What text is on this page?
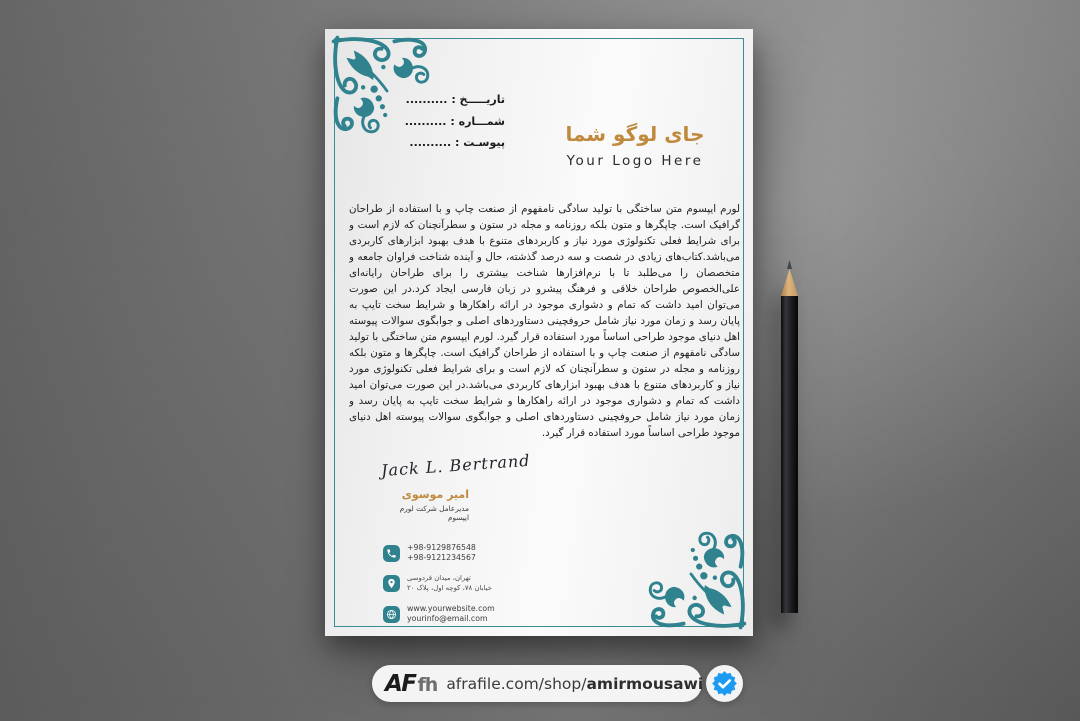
تاریـــــخ : ..........
شمـــاره : ..........
پیوسـت : ..........	جای لوگو شما
Your Logo Here

لورم ایپسوم متن ساختگی با تولید سادگی نامفهوم از صنعت چاپ و با استفاده از طراحان گرافیک است. چاپگرها و متون بلکه روزنامه و مجله در ستون و سطرآنچنان که لازم است و برای شرایط فعلی تکنولوژی مورد نیاز و کاربردهای متنوع با هدف بهبود ابزارهای کاربردی می‌باشد.کتاب‌های زیادی در شصت و سه درصد گذشته، حال و آینده شناخت فراوان جامعه و متخصصان را می‌طلبد تا با نرم‌افزارها شناخت بیشتری را برای طراحان رایانه‌ای علی‌الخصوص طراحان خلاقی و فرهنگ پیشرو در زبان فارسی ایجاد کرد.در این صورت می‌توان امید داشت که تمام و دشواری موجود در ارائه راهکارها و شرایط سخت تایپ به پایان رسد و زمان مورد نیاز شامل حروفچینی دستاوردهای اصلی و جوابگوی سوالات پیوسته اهل دنیای موجود طراحی اساساً مورد استفاده قرار گیرد. لورم ایپسوم متن ساختگی با تولید سادگی نامفهوم از صنعت چاپ و با استفاده از طراحان گرافیک است. چاپگرها و متون بلکه روزنامه و مجله در ستون و سطرآنچنان که لازم است و برای شرایط فعلی تکنولوژی مورد نیاز و کاربردهای متنوع با هدف بهبود ابزارهای کاربردی می‌باشد.در این صورت می‌توان امید داشت که تمام و دشواری موجود در ارائه راهکارها و شرایط سخت تایپ به پایان رسد و زمان مورد نیاز شامل حروفچینی دستاوردهای اصلی و جوابگوی سوالات پیوسته اهل دنیای موجود طراحی اساساً مورد استفاده قرار گیرد.

Jack L. Bertrand
امیر موسوی
مدیرعامل شرکت لورم ایپسوم
+98-9129876548
+98-9121234567
تهران، میدان فردوسی
خیابان ۷۸، کوچه اول، پلاک ۲۰
www.yourwebsite.com
yourinfo@email.com
AF fh afrafile.com/shop/amirmousawi
